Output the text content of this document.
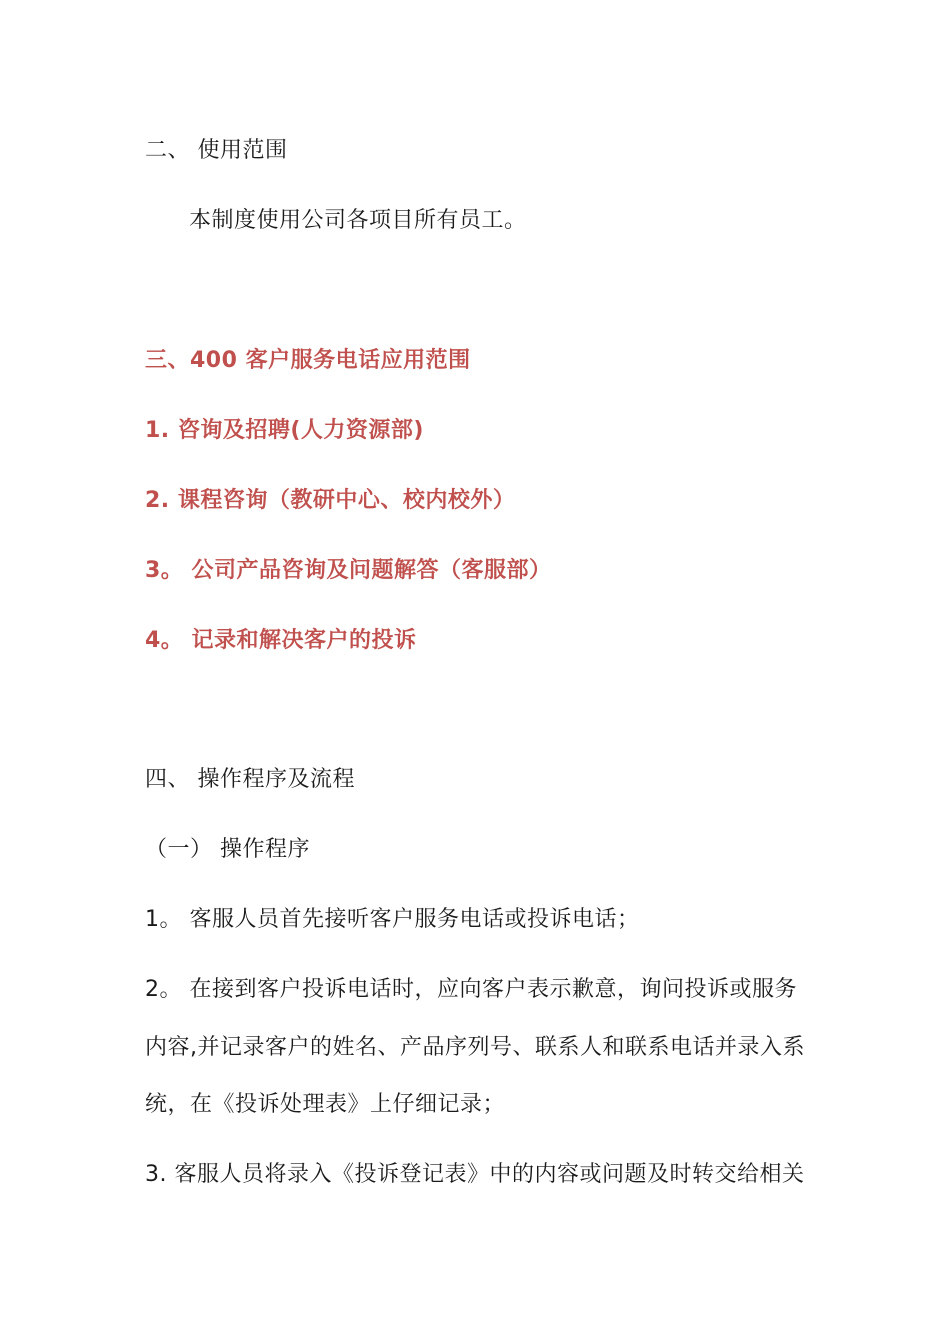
二、 使用范围
本制度使用公司各项目所有员工。
三、400 客户服务电话应用范围
1. 咨询及招聘(人力资源部)
2. 课程咨询（教研中心、校内校外）
3。 公司产品咨询及问题解答（客服部）
4。 记录和解决客户的投诉
四、 操作程序及流程
（一） 操作程序
1。 客服人员首先接听客户服务电话或投诉电话；
2。 在接到客户投诉电话时，应向客户表示歉意，询问投诉或服务
内容,并记录客户的姓名、产品序列号、联系人和联系电话并录入系
统，在《投诉处理表》上仔细记录；
3. 客服人员将录入《投诉登记表》中的内容或问题及时转交给相关
